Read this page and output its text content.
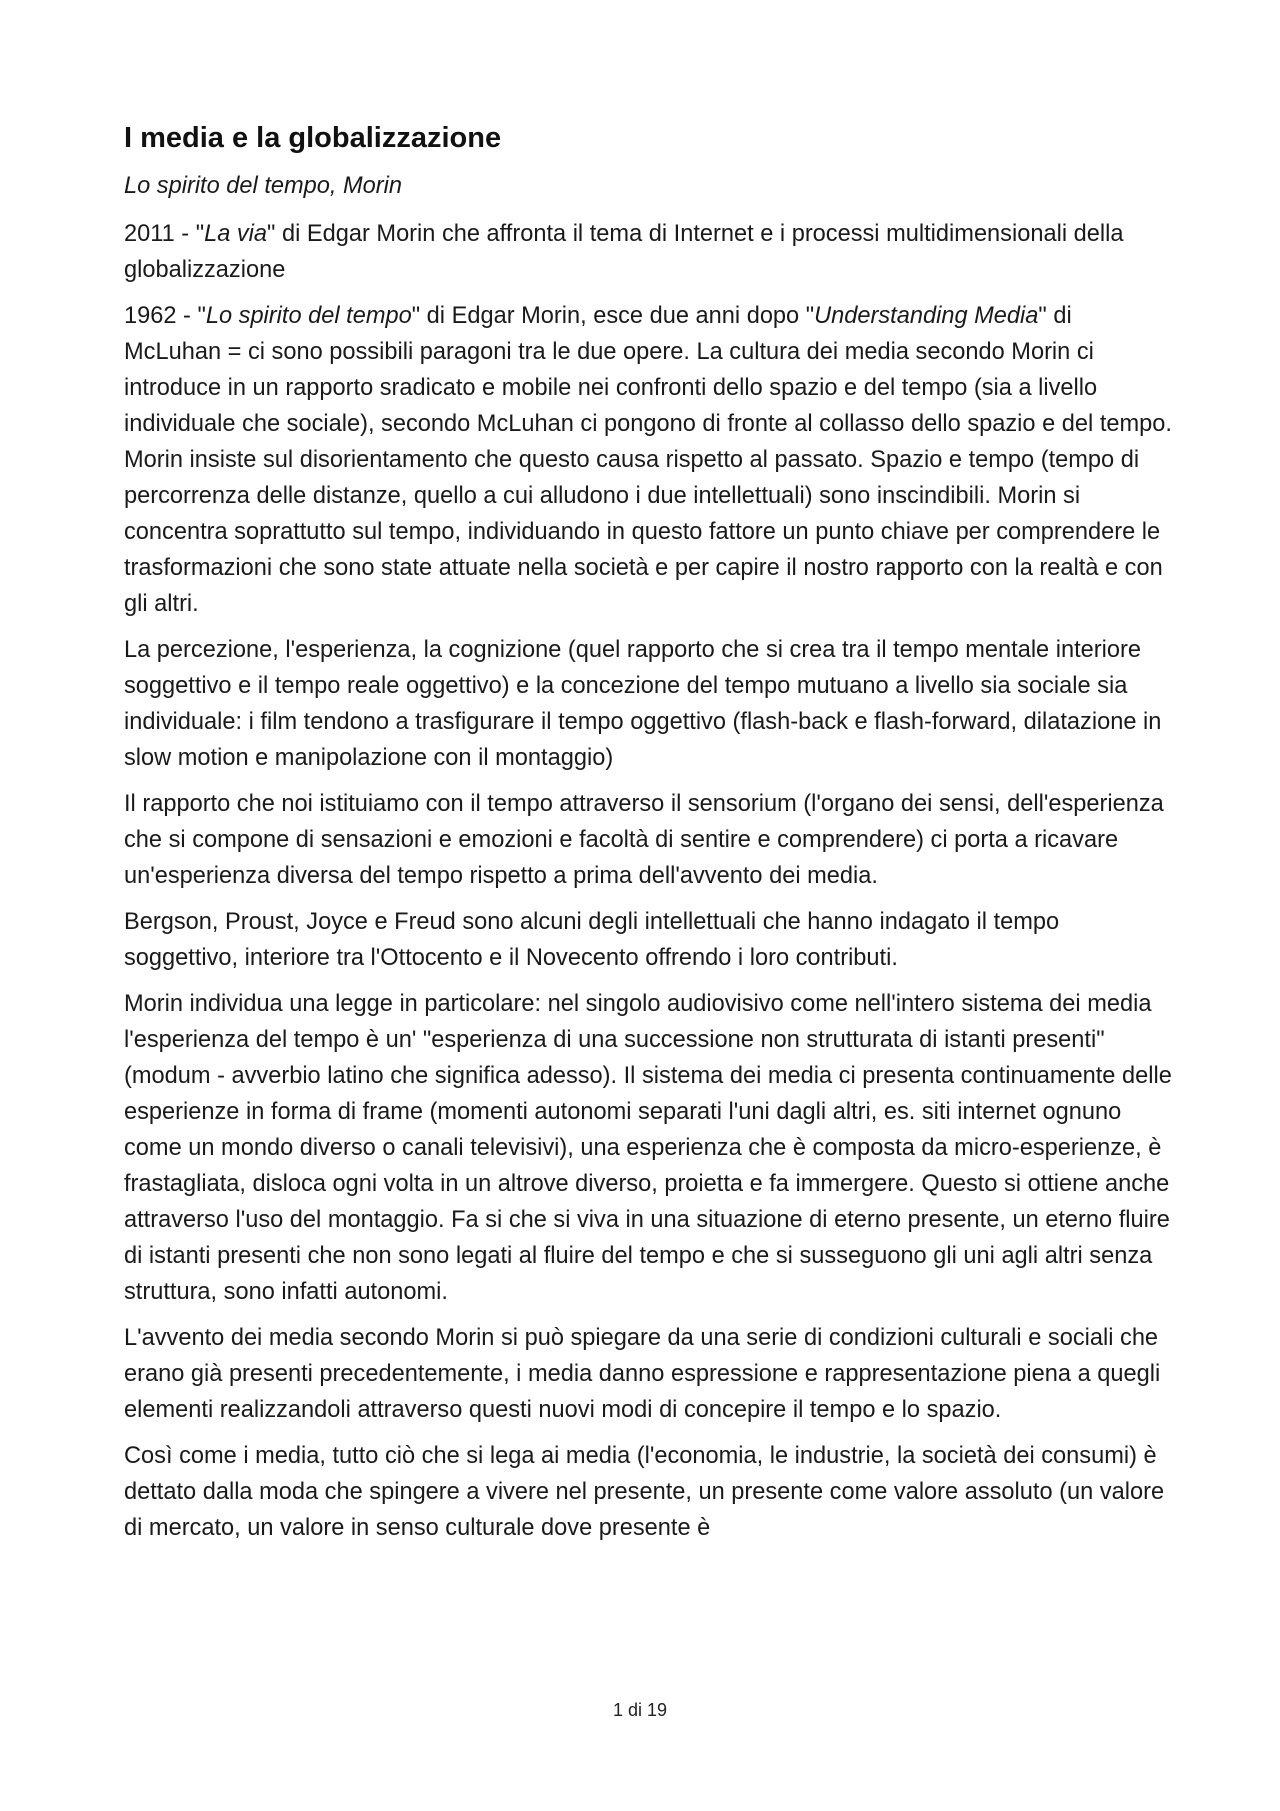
I media e la globalizzazione

Lo spirito del tempo, Morin

2011 - "La via" di Edgar Morin che affronta il tema di Internet e i processi multidimensionali della globalizzazione

1962 - "Lo spirito del tempo" di Edgar Morin, esce due anni dopo "Understanding Media" di McLuhan = ci sono possibili paragoni tra le due opere. La cultura dei media secondo Morin ci introduce in un rapporto sradicato e mobile nei confronti dello spazio e del tempo (sia a livello individuale che sociale), secondo McLuhan ci pongono di fronte al collasso dello spazio e del tempo. Morin insiste sul disorientamento che questo causa rispetto al passato. Spazio e tempo (tempo di percorrenza delle distanze, quello a cui alludono i due intellettuali) sono inscindibili. Morin si concentra soprattutto sul tempo, individuando in questo fattore un punto chiave per comprendere le trasformazioni che sono state attuate nella società e per capire il nostro rapporto con la realtà e con gli altri.

La percezione, l'esperienza, la cognizione (quel rapporto che si crea tra il tempo mentale interiore soggettivo e il tempo reale oggettivo) e la concezione del tempo mutuano a livello sia sociale sia individuale: i film tendono a trasfigurare il tempo oggettivo (flash-back e flash-forward, dilatazione in slow motion e manipolazione con il montaggio)

Il rapporto che noi istituiamo con il tempo attraverso il sensorium (l'organo dei sensi, dell'esperienza che si compone di sensazioni e emozioni e facoltà di sentire e comprendere) ci porta a ricavare un'esperienza diversa del tempo rispetto a prima dell'avvento dei media.

Bergson, Proust, Joyce e Freud sono alcuni degli intellettuali che hanno indagato il tempo soggettivo, interiore tra l'Ottocento e il Novecento offrendo i loro contributi.

Morin individua una legge in particolare: nel singolo audiovisivo come nell'intero sistema dei media l'esperienza del tempo è un' "esperienza di una successione non strutturata di istanti presenti" (modum - avverbio latino che significa adesso). Il sistema dei media ci presenta continuamente delle esperienze in forma di frame (momenti autonomi separati l'uni dagli altri, es. siti internet ognuno come un mondo diverso o canali televisivi), una esperienza che è composta da micro-esperienze, è frastagliata, disloca ogni volta in un altrove diverso, proietta e fa immergere. Questo si ottiene anche attraverso l'uso del montaggio. Fa si che si viva in una situazione di eterno presente, un eterno fluire di istanti presenti che non sono legati al fluire del tempo e che si susseguono gli uni agli altri senza struttura, sono infatti autonomi.

L'avvento dei media secondo Morin si può spiegare da una serie di condizioni culturali e sociali che erano già presenti precedentemente, i media danno espressione e rappresentazione piena a quegli elementi realizzandoli attraverso questi nuovi modi di concepire il tempo e lo spazio.

Così come i media, tutto ciò che si lega ai media (l'economia, le industrie, la società dei consumi) è dettato dalla moda che spingere a vivere nel presente, un presente come valore assoluto (un valore di mercato, un valore in senso culturale dove presente è

1 di 19
